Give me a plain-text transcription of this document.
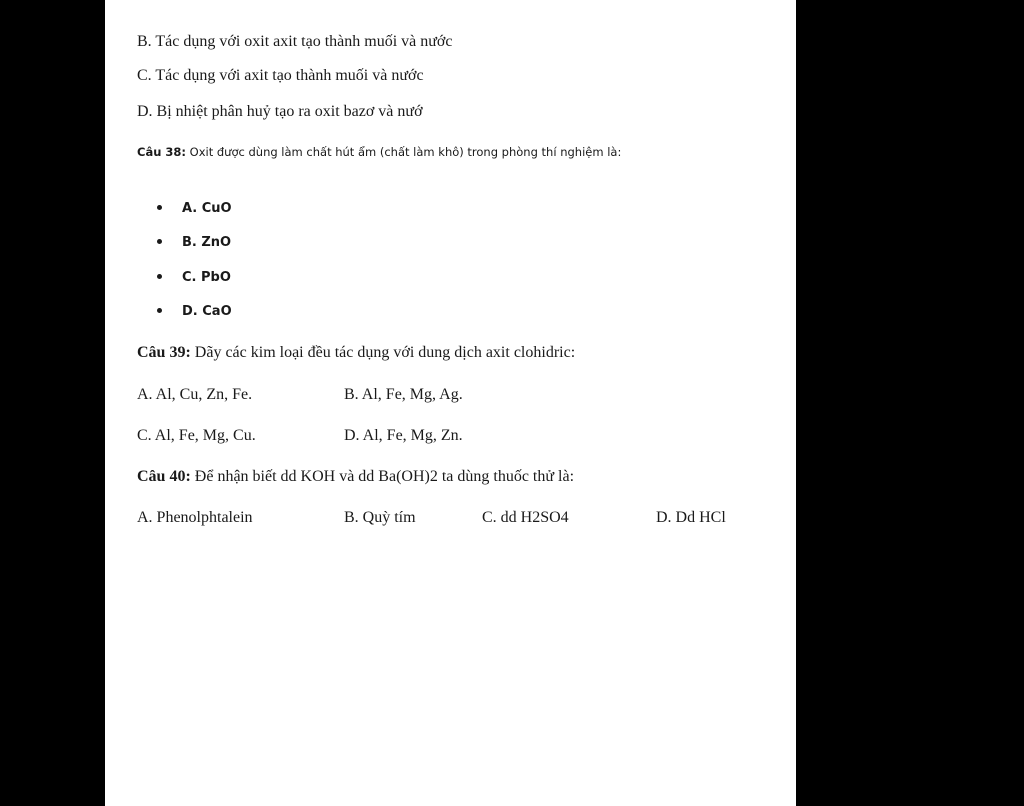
B. Tác dụng với oxit axit tạo thành muối và nước
C. Tác dụng với axit tạo thành muối và nước
D. Bị nhiệt phân huỷ tạo ra oxit bazơ và nướ
Câu 38: Oxit được dùng làm chất hút ẩm (chất làm khô) trong phòng thí nghiệm là:
A. CuO
B. ZnO
C. PbO
D. CaO
Câu 39: Dãy các kim loại đều tác dụng với dung dịch axit clohidric:
A. Al, Cu, Zn, Fe.	B. Al, Fe, Mg, Ag.
C. Al, Fe, Mg, Cu.	D. Al, Fe, Mg, Zn.
Câu 40: Để nhận biết dd KOH và dd Ba(OH)2 ta dùng thuốc thử là:
A. Phenolphtalein	B. Quỳ tím	C. dd H2SO4	D. Dd HCl
